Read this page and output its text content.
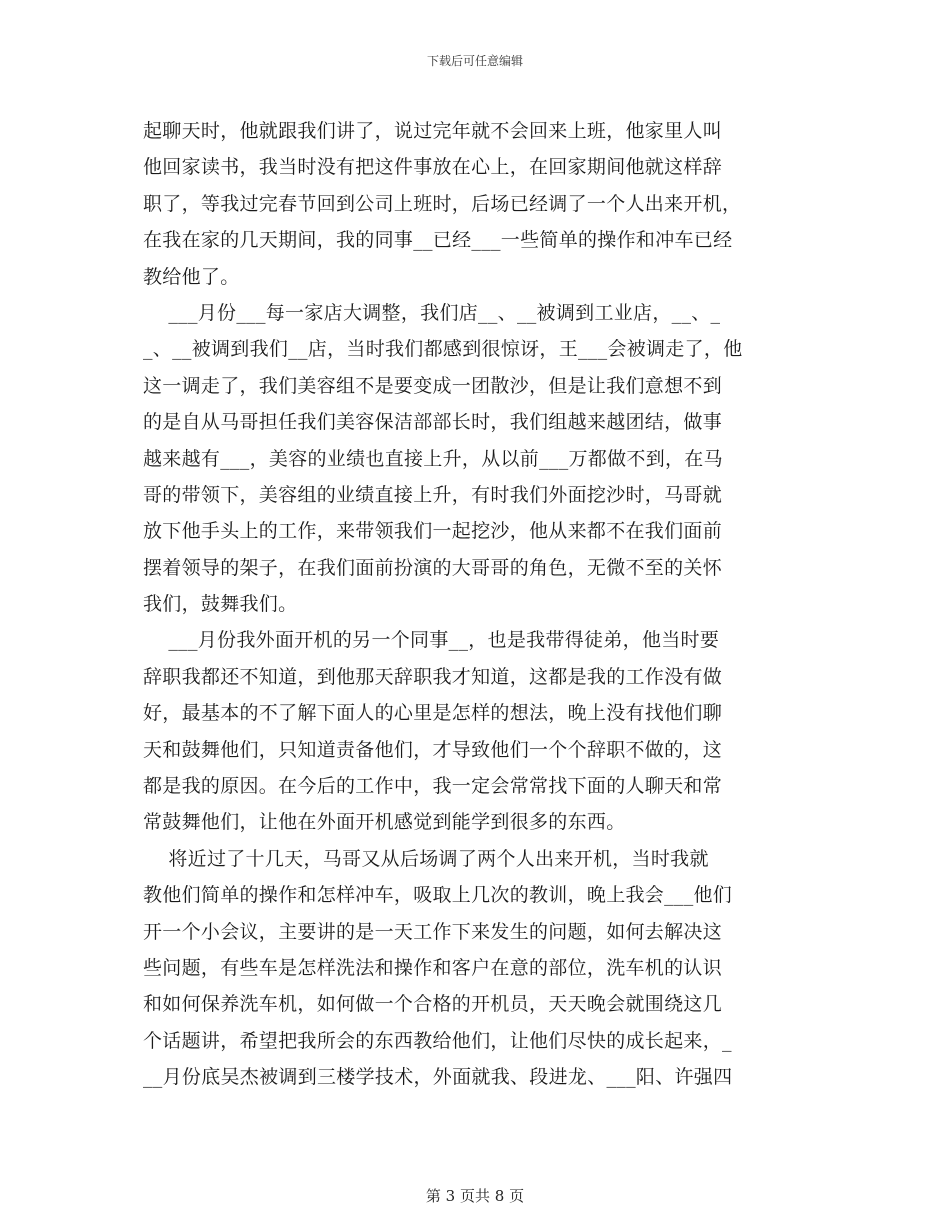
下载后可任意编辑
起聊天时，他就跟我们讲了，说过完年就不会回来上班，他家里人叫
他回家读书，我当时没有把这件事放在心上，在回家期间他就这样辞
职了，等我过完春节回到公司上班时，后场已经调了一个人出来开机，
在我在家的几天期间，我的同事__已经___一些简单的操作和冲车已经
教给他了。
___月份___每一家店大调整，我们店__、__被调到工业店，__、_
_、__被调到我们__店，当时我们都感到很惊讶，王___会被调走了，他
这一调走了，我们美容组不是要变成一团散沙，但是让我们意想不到
的是自从马哥担任我们美容保洁部部长时，我们组越来越团结，做事
越来越有___，美容的业绩也直接上升，从以前___万都做不到，在马
哥的带领下，美容组的业绩直接上升，有时我们外面挖沙时，马哥就
放下他手头上的工作，来带领我们一起挖沙，他从来都不在我们面前
摆着领导的架子，在我们面前扮演的大哥哥的角色，无微不至的关怀
我们，鼓舞我们。
___月份我外面开机的另一个同事__，也是我带得徒弟，他当时要
辞职我都还不知道，到他那天辞职我才知道，这都是我的工作没有做
好，最基本的不了解下面人的心里是怎样的想法，晚上没有找他们聊
天和鼓舞他们，只知道责备他们，才导致他们一个个辞职不做的，这
都是我的原因。在今后的工作中，我一定会常常找下面的人聊天和常
常鼓舞他们，让他在外面开机感觉到能学到很多的东西。
将近过了十几天，马哥又从后场调了两个人出来开机，当时我就
教他们简单的操作和怎样冲车，吸取上几次的教训，晚上我会___他们
开一个小会议，主要讲的是一天工作下来发生的问题，如何去解决这
些问题，有些车是怎样洗法和操作和客户在意的部位，洗车机的认识
和如何保养洗车机，如何做一个合格的开机员，天天晚会就围绕这几
个话题讲，希望把我所会的东西教给他们，让他们尽快的成长起来，_
__月份底吴杰被调到三楼学技术，外面就我、段进龙、___阳、许强四
第 3 页共 8 页
